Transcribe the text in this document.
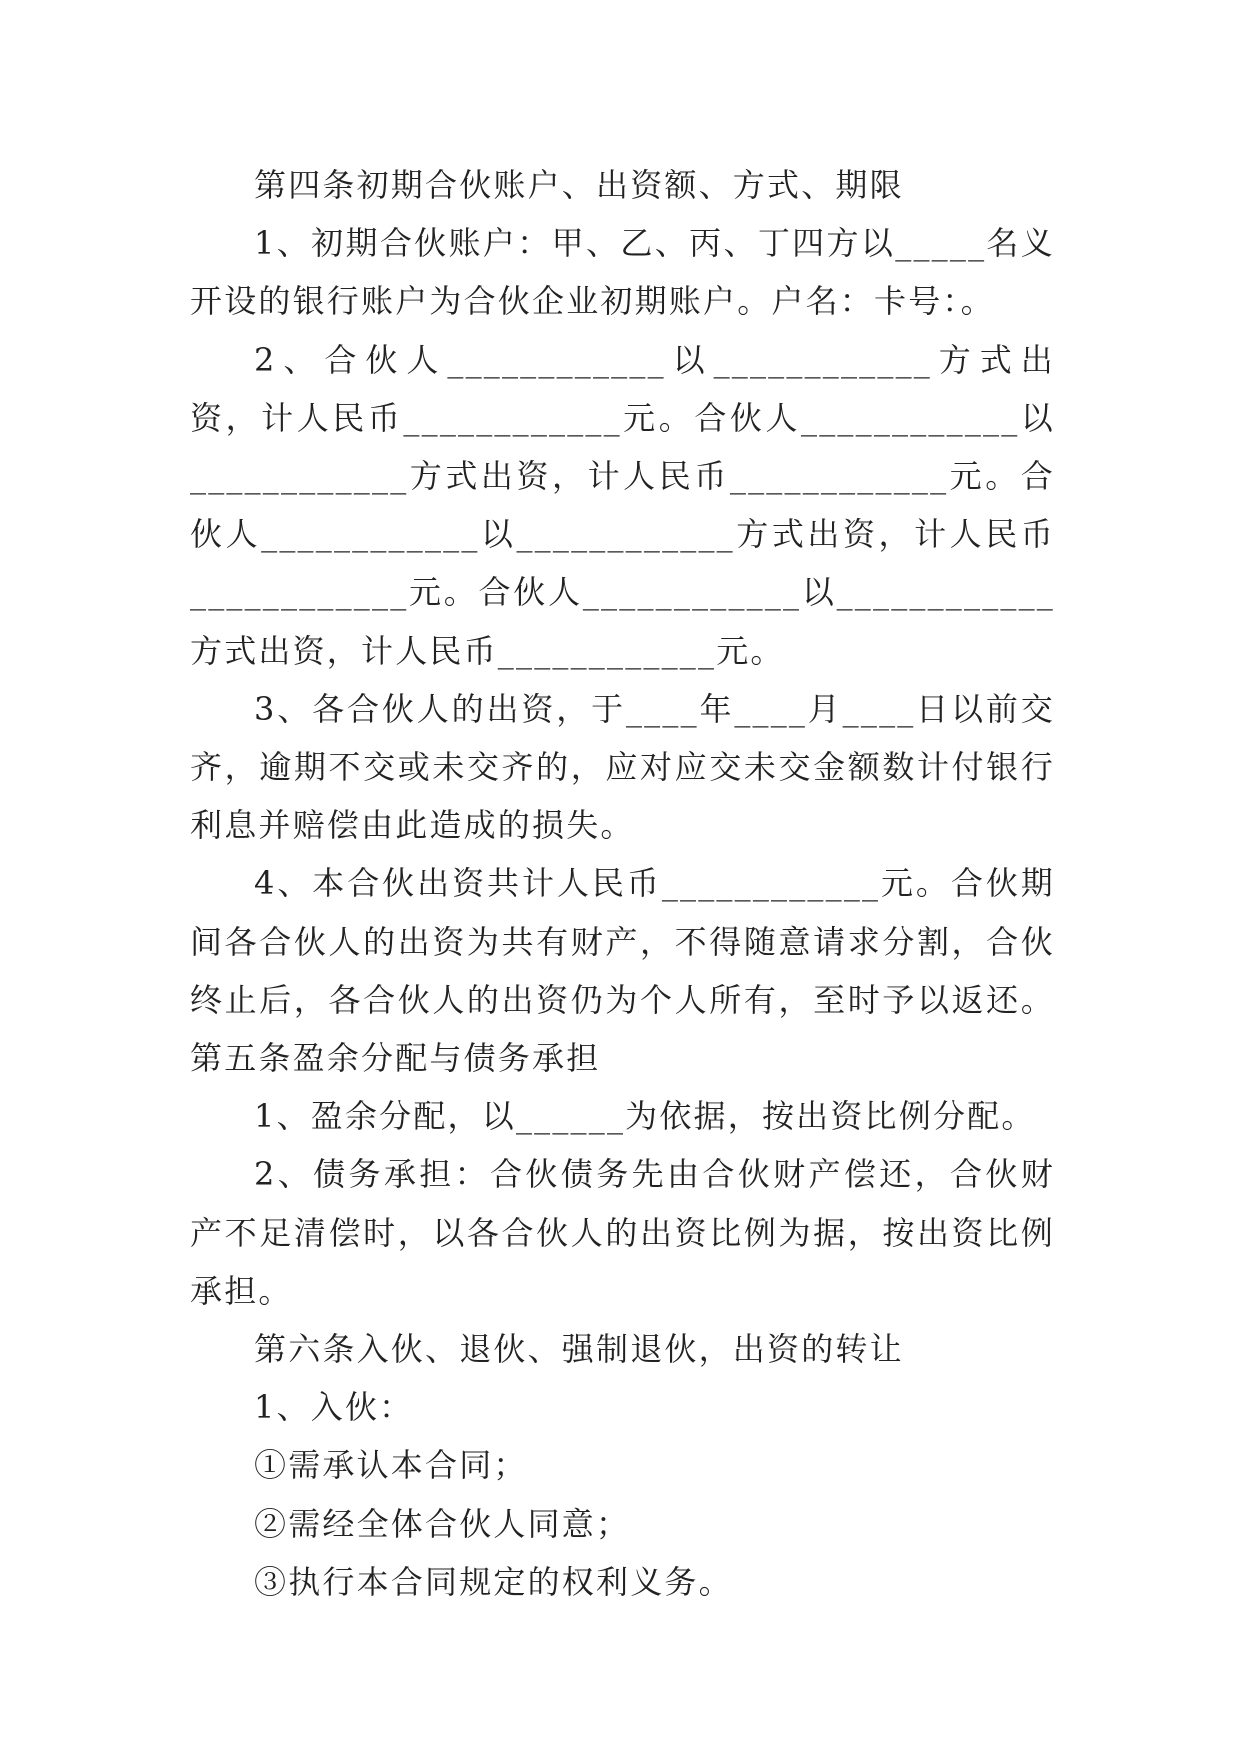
第四条初期合伙账户、出资额、方式、期限

1、初期合伙账户：甲、乙、丙、丁四方以_____名义开设的银行账户为合伙企业初期账户。户名：卡号：。

2、合伙人____________以____________方式出资，计人民币____________元。合伙人____________以____________方式出资，计人民币____________元。合伙人____________以____________方式出资，计人民币____________元。合伙人____________以____________方式出资，计人民币____________元。

3、各合伙人的出资，于____年____月____日以前交齐，逾期不交或未交齐的，应对应交未交金额数计付银行利息并赔偿由此造成的损失。

4、本合伙出资共计人民币____________元。合伙期间各合伙人的出资为共有财产，不得随意请求分割，合伙终止后，各合伙人的出资仍为个人所有，至时予以返还。第五条盈余分配与债务承担

1、盈余分配，以______为依据，按出资比例分配。

2、债务承担：合伙债务先由合伙财产偿还，合伙财产不足清偿时，以各合伙人的出资比例为据，按出资比例承担。

第六条入伙、退伙、强制退伙，出资的转让

1、入伙：

①需承认本合同；

②需经全体合伙人同意；

③执行本合同规定的权利义务。
